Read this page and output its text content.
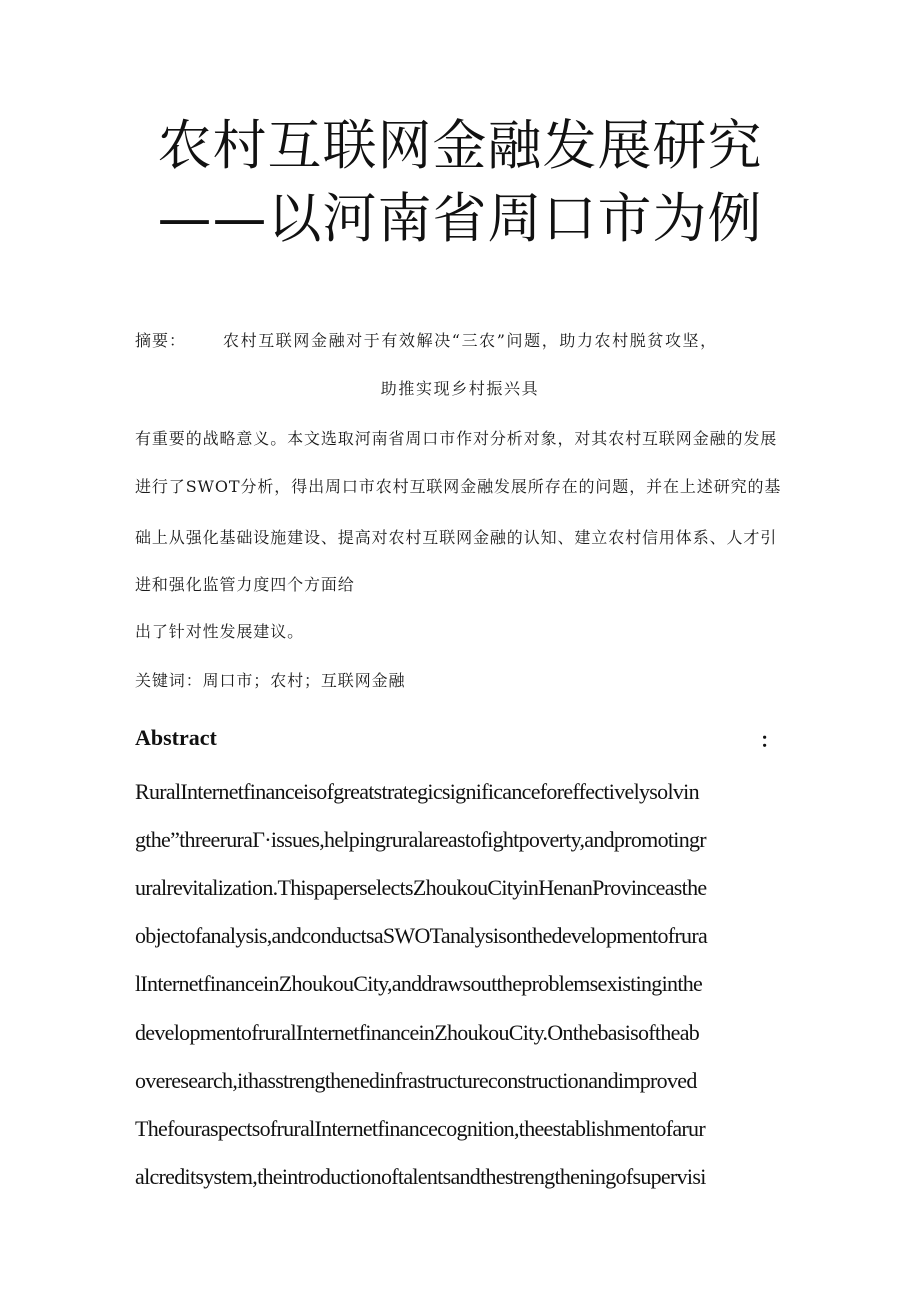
农村互联网金融发展研究
——以河南省周口市为例
摘要： 农村互联网金融对于有效解决“三农”问题，助力农村脱贫攻坚，
助推实现乡村振兴具
有重要的战略意义。本文选取河南省周口市作对分析对象，对其农村互联网金融的发展
进行了SWOT分析，得出周口市农村互联网金融发展所存在的问题，并在上述研究的基
础上从强化基础设施建设、提高对农村互联网金融的认知、建立农村信用体系、人才引
进和强化监管力度四个方面给
出了针对性发展建议。
关键词：周口市；农村；互联网金融
Abstract	：
RuralInternetfinanceisofgreatstrategicsignificanceforeffectivelysolvin
gthe”threeruraΓ·issues,helpingruralareastofightpoverty,andpromotingr
uralrevitalization.ThispaperselectsZhoukouCityinHenanProvinceasthe
objectofanalysis,andconductsaSWOTanalysisonthedevelopmentofrura
lInternetfinanceinZhoukouCity,anddrawsouttheproblemsexistinginthe
developmentofruralInternetfinanceinZhoukouCity.Onthebasisoftheab
overesearch,ithasstrengthenedinfrastructureconstructionandimproved
ThefouraspectsofruralInternetfinancecognition,theestablishmentofarur
alcreditsystem,theintroductionoftalentsandthestrengtheningofsupervisi
